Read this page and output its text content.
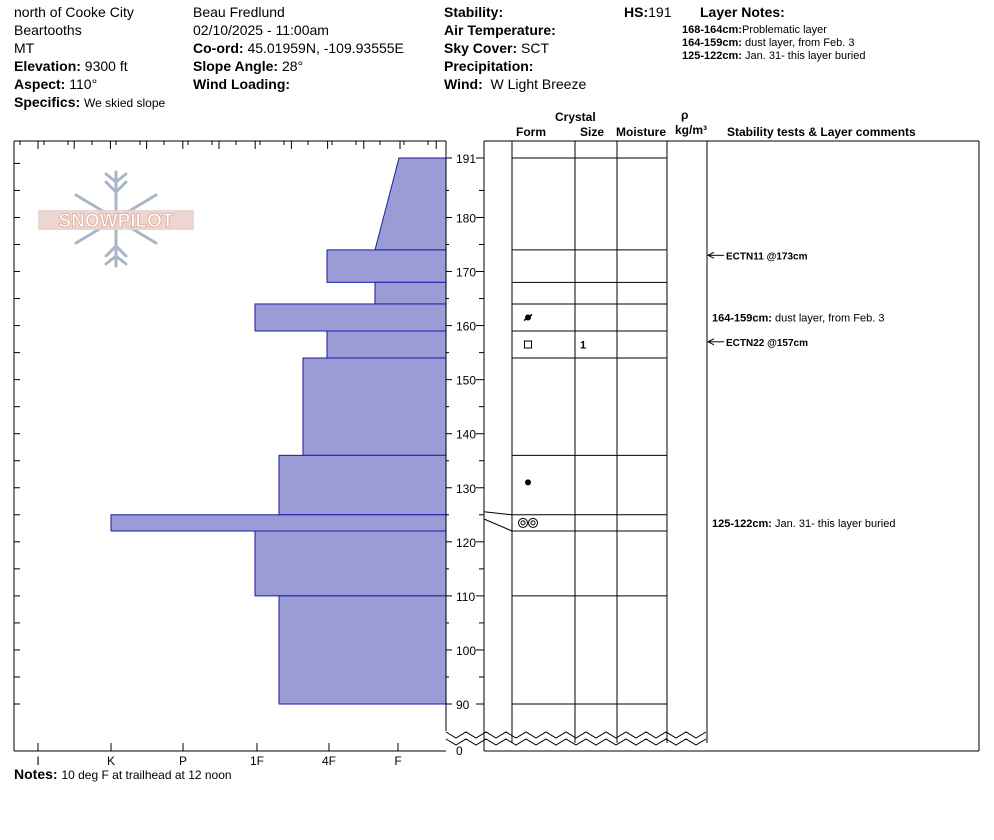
north of Cooke City
Beartooths
MT
Elevation: 9300 ft
Aspect: 110°
Specifics: We skied slope
Beau Fredlund
02/10/2025 - 11:00am
Co-ord: 45.01959N, -109.93555E
Slope Angle: 28°
Wind Loading:
Stability:
Air Temperature:
Sky Cover: SCT
Precipitation:
Wind: W Light Breeze
HS:191 Layer Notes:
168-164cm:Problematic layer
164-159cm: dust layer, from Feb. 3
125-122cm: Jan. 31- this layer buried
Crystal
Form	Size Moisture
ρ
kg/m³ Stability tests & Layer comments
SNOWPILOT
I	K	P	1F	4F	F
90
100
110
120
130
140
150
160
170
180
191
0
1
ECTN11 @173cm
ECTN22 @157cm
164-159cm: dust layer, from Feb. 3
125-122cm: Jan. 31- this layer buried
Notes: 10 deg F at trailhead at 12 noon
